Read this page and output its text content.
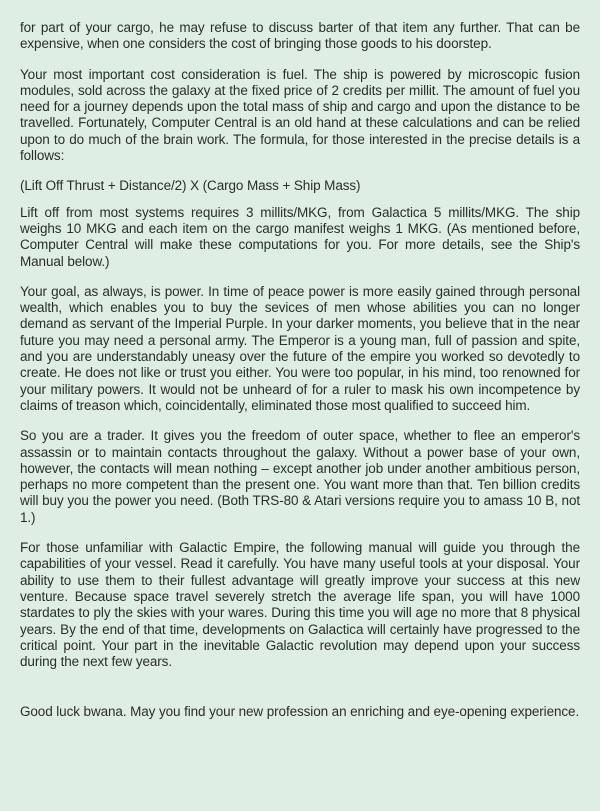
for part of your cargo, he may refuse to discuss barter of that item any further. That can be expensive, when one considers the cost of bringing those goods to his doorstep.

Your most important cost consideration is fuel. The ship is powered by microscopic fusion modules, sold across the galaxy at the fixed price of 2 credits per millit. The amount of fuel you need for a journey depends upon the total mass of ship and cargo and upon the distance to be travelled. Fortunately, Computer Central is an old hand at these calculations and can be relied upon to do much of the brain work. The formula, for those interested in the precise details is a follows:

(Lift Off Thrust + Distance/2) X (Cargo Mass + Ship Mass)

Lift off from most systems requires 3 millits/MKG, from Galactica 5 millits/MKG. The ship weighs 10 MKG and each item on the cargo manifest weighs 1 MKG. (As mentioned before, Computer Central will make these computations for you. For more details, see the Ship's Manual below.)

Your goal, as always, is power. In time of peace power is more easily gained through personal wealth, which enables you to buy the sevices of men whose abilities you can no longer demand as servant of the Imperial Purple. In your darker moments, you believe that in the near future you may need a personal army. The Emperor is a young man, full of passion and spite, and you are understandably uneasy over the future of the empire you worked so devotedly to create. He does not like or trust you either. You were too popular, in his mind, too renowned for your military powers. It would not be unheard of for a ruler to mask his own incompetence by claims of treason which, coincidentally, eliminated those most qualified to succeed him.

So you are a trader. It gives you the freedom of outer space, whether to flee an emperor's assassin or to maintain contacts throughout the galaxy. Without a power base of your own, however, the contacts will mean nothing – except another job under another ambitious person, perhaps no more competent than the present one. You want more than that. Ten billion credits will buy you the power you need. (Both TRS-80 & Atari versions require you to amass 10 B, not 1.)

For those unfamiliar with Galactic Empire, the following manual will guide you through the capabilities of your vessel. Read it carefully. You have many useful tools at your disposal. Your ability to use them to their fullest advantage will greatly improve your success at this new venture. Because space travel severely stretch the average life span, you will have 1000 stardates to ply the skies with your wares. During this time you will age no more that 8 physical years. By the end of that time, developments on Galactica will certainly have progressed to the critical point. Your part in the inevitable Galactic revolution may depend upon your success during the next few years.

Good luck bwana. May you find your new profession an enriching and eye-opening experience.
